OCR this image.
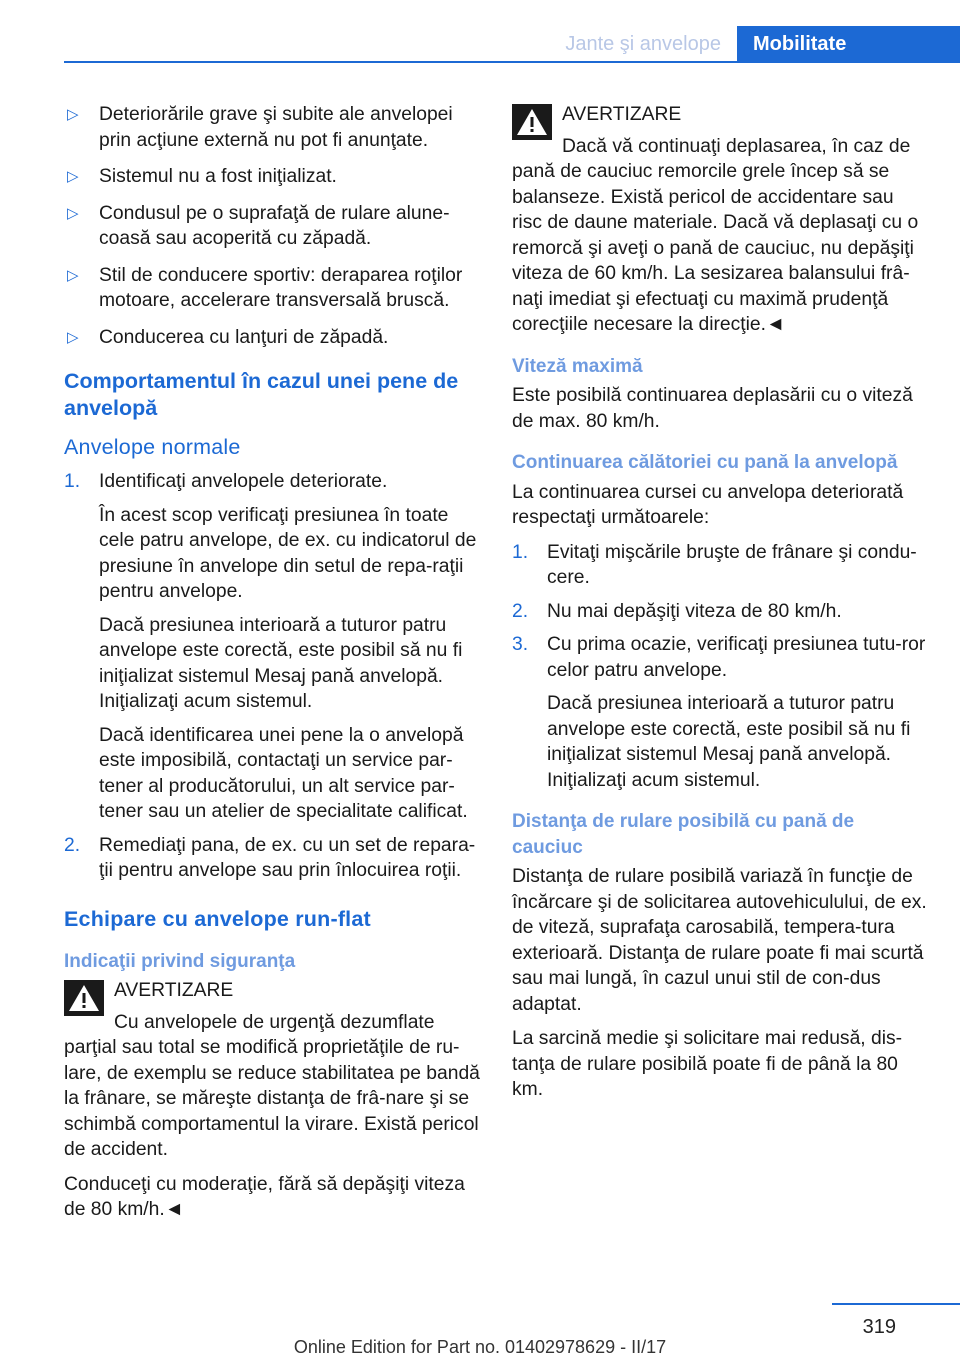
Jante şi anvelope	Mobilitate
▷ Deteriorările grave şi subite ale anvelopei prin acţiune externă nu pot fi anunţate.
▷ Sistemul nu a fost iniţializat.
▷ Condusul pe o suprafaţă de rulare alune‐coasă sau acoperită cu zăpadă.
▷ Stil de conducere sportiv: deraparea roţilor motoare, accelerare transversală bruscă.
▷ Conducerea cu lanţuri de zăpadă.
Comportamentul în cazul unei pene de anvelopă
Anvelope normale
1. Identificaţi anvelopele deteriorate.

În acest scop verificaţi presiunea în toate cele patru anvelope, de ex. cu indicatorul de presiune în anvelope din setul de repa‐raţii pentru anvelope.

Dacă presiunea interioară a tuturor patru anvelope este corectă, este posibil să nu fi iniţializat sistemul Mesaj pană anvelopă. Iniţializaţi acum sistemul.

Dacă identificarea unei pene la o anvelopă este imposibilă, contactaţi un service par‐tener al producătorului, un alt service par‐tener sau un atelier de specialitate calificat.

2. Remediaţi pana, de ex. cu un set de repara‐ţii pentru anvelope sau prin înlocuirea roţii.

Echipare cu anvelope run-flat
Indicaţii privind siguranţa
AVERTIZARE

Cu anvelopele de urgenţă dezumflate parţial sau total se modifică proprietăţile de ru‐lare, de exemplu se reduce stabilitatea pe bandă la frânare, se măreşte distanţa de frâ‐nare şi se schimbă comportamentul la virare. Există pericol de accident.

Conduceţi cu moderaţie, fără să depăşiţi viteza de 80 km/h.◄

AVERTIZARE

Dacă vă continuaţi deplasarea, în caz de pană de cauciuc remorcile grele încep să se balanseze. Există pericol de accidentare sau risc de daune materiale. Dacă vă deplasaţi cu o remorcă şi aveţi o pană de cauciuc, nu depăşiţi viteza de 60 km/h. La sesizarea balansului frâ‐naţi imediat şi efectuaţi cu maximă prudenţă corecţiile necesare la direcţie.◄

Viteză maximă

Este posibilă continuarea deplasării cu o viteză de max. 80 km/h.

Continuarea călătoriei cu pană la anvelopă

La continuarea cursei cu anvelopa deteriorată respectaţi următoarele:

1. Evitaţi mişcările bruşte de frânare şi condu‐cere.

2. Nu mai depăşiţi viteza de 80 km/h.

3. Cu prima ocazie, verificaţi presiunea tutu‐ror celor patru anvelope.

Dacă presiunea interioară a tuturor patru anvelope este corectă, este posibil să nu fi iniţializat sistemul Mesaj pană anvelopă. Iniţializaţi acum sistemul.

Distanţa de rulare posibilă cu pană de cauciuc

Distanţa de rulare posibilă variază în funcţie de încărcare şi de solicitarea autovehiculului, de ex. de viteză, suprafaţa carosabilă, tempera‐tura exterioară. Distanţa de rulare poate fi mai scurtă sau mai lungă, în cazul unui stil de con‐dus adaptat.

La sarcină medie şi solicitare mai redusă, dis‐tanţa de rulare posibilă poate fi de până la 80 km.

319
Online Edition for Part no. 01402978629 - II/17
